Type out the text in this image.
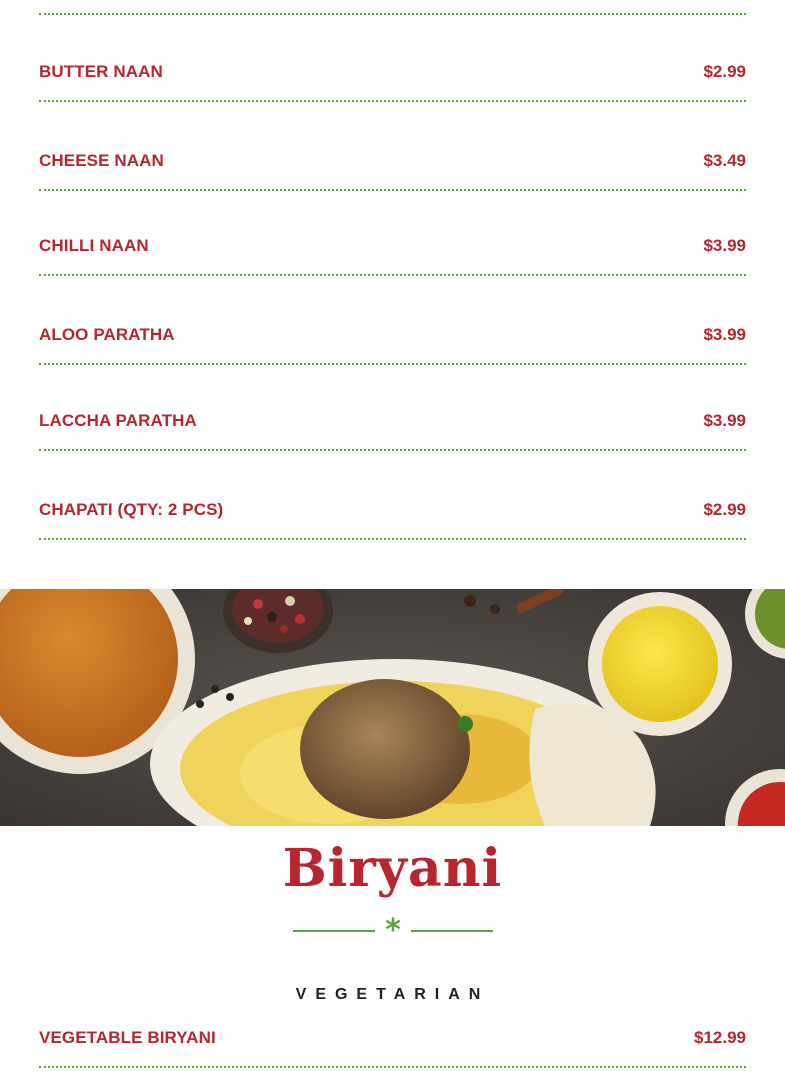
BUTTER NAAN	$2.99
CHEESE NAAN	$3.49
CHILLI NAAN	$3.99
ALOO PARATHA	$3.99
LACCHA PARATHA	$3.99
CHAPATI (QTY: 2 PCS)	$2.99
Biryani
*
VEGETARIAN
VEGETABLE BIRYANI	$12.99
